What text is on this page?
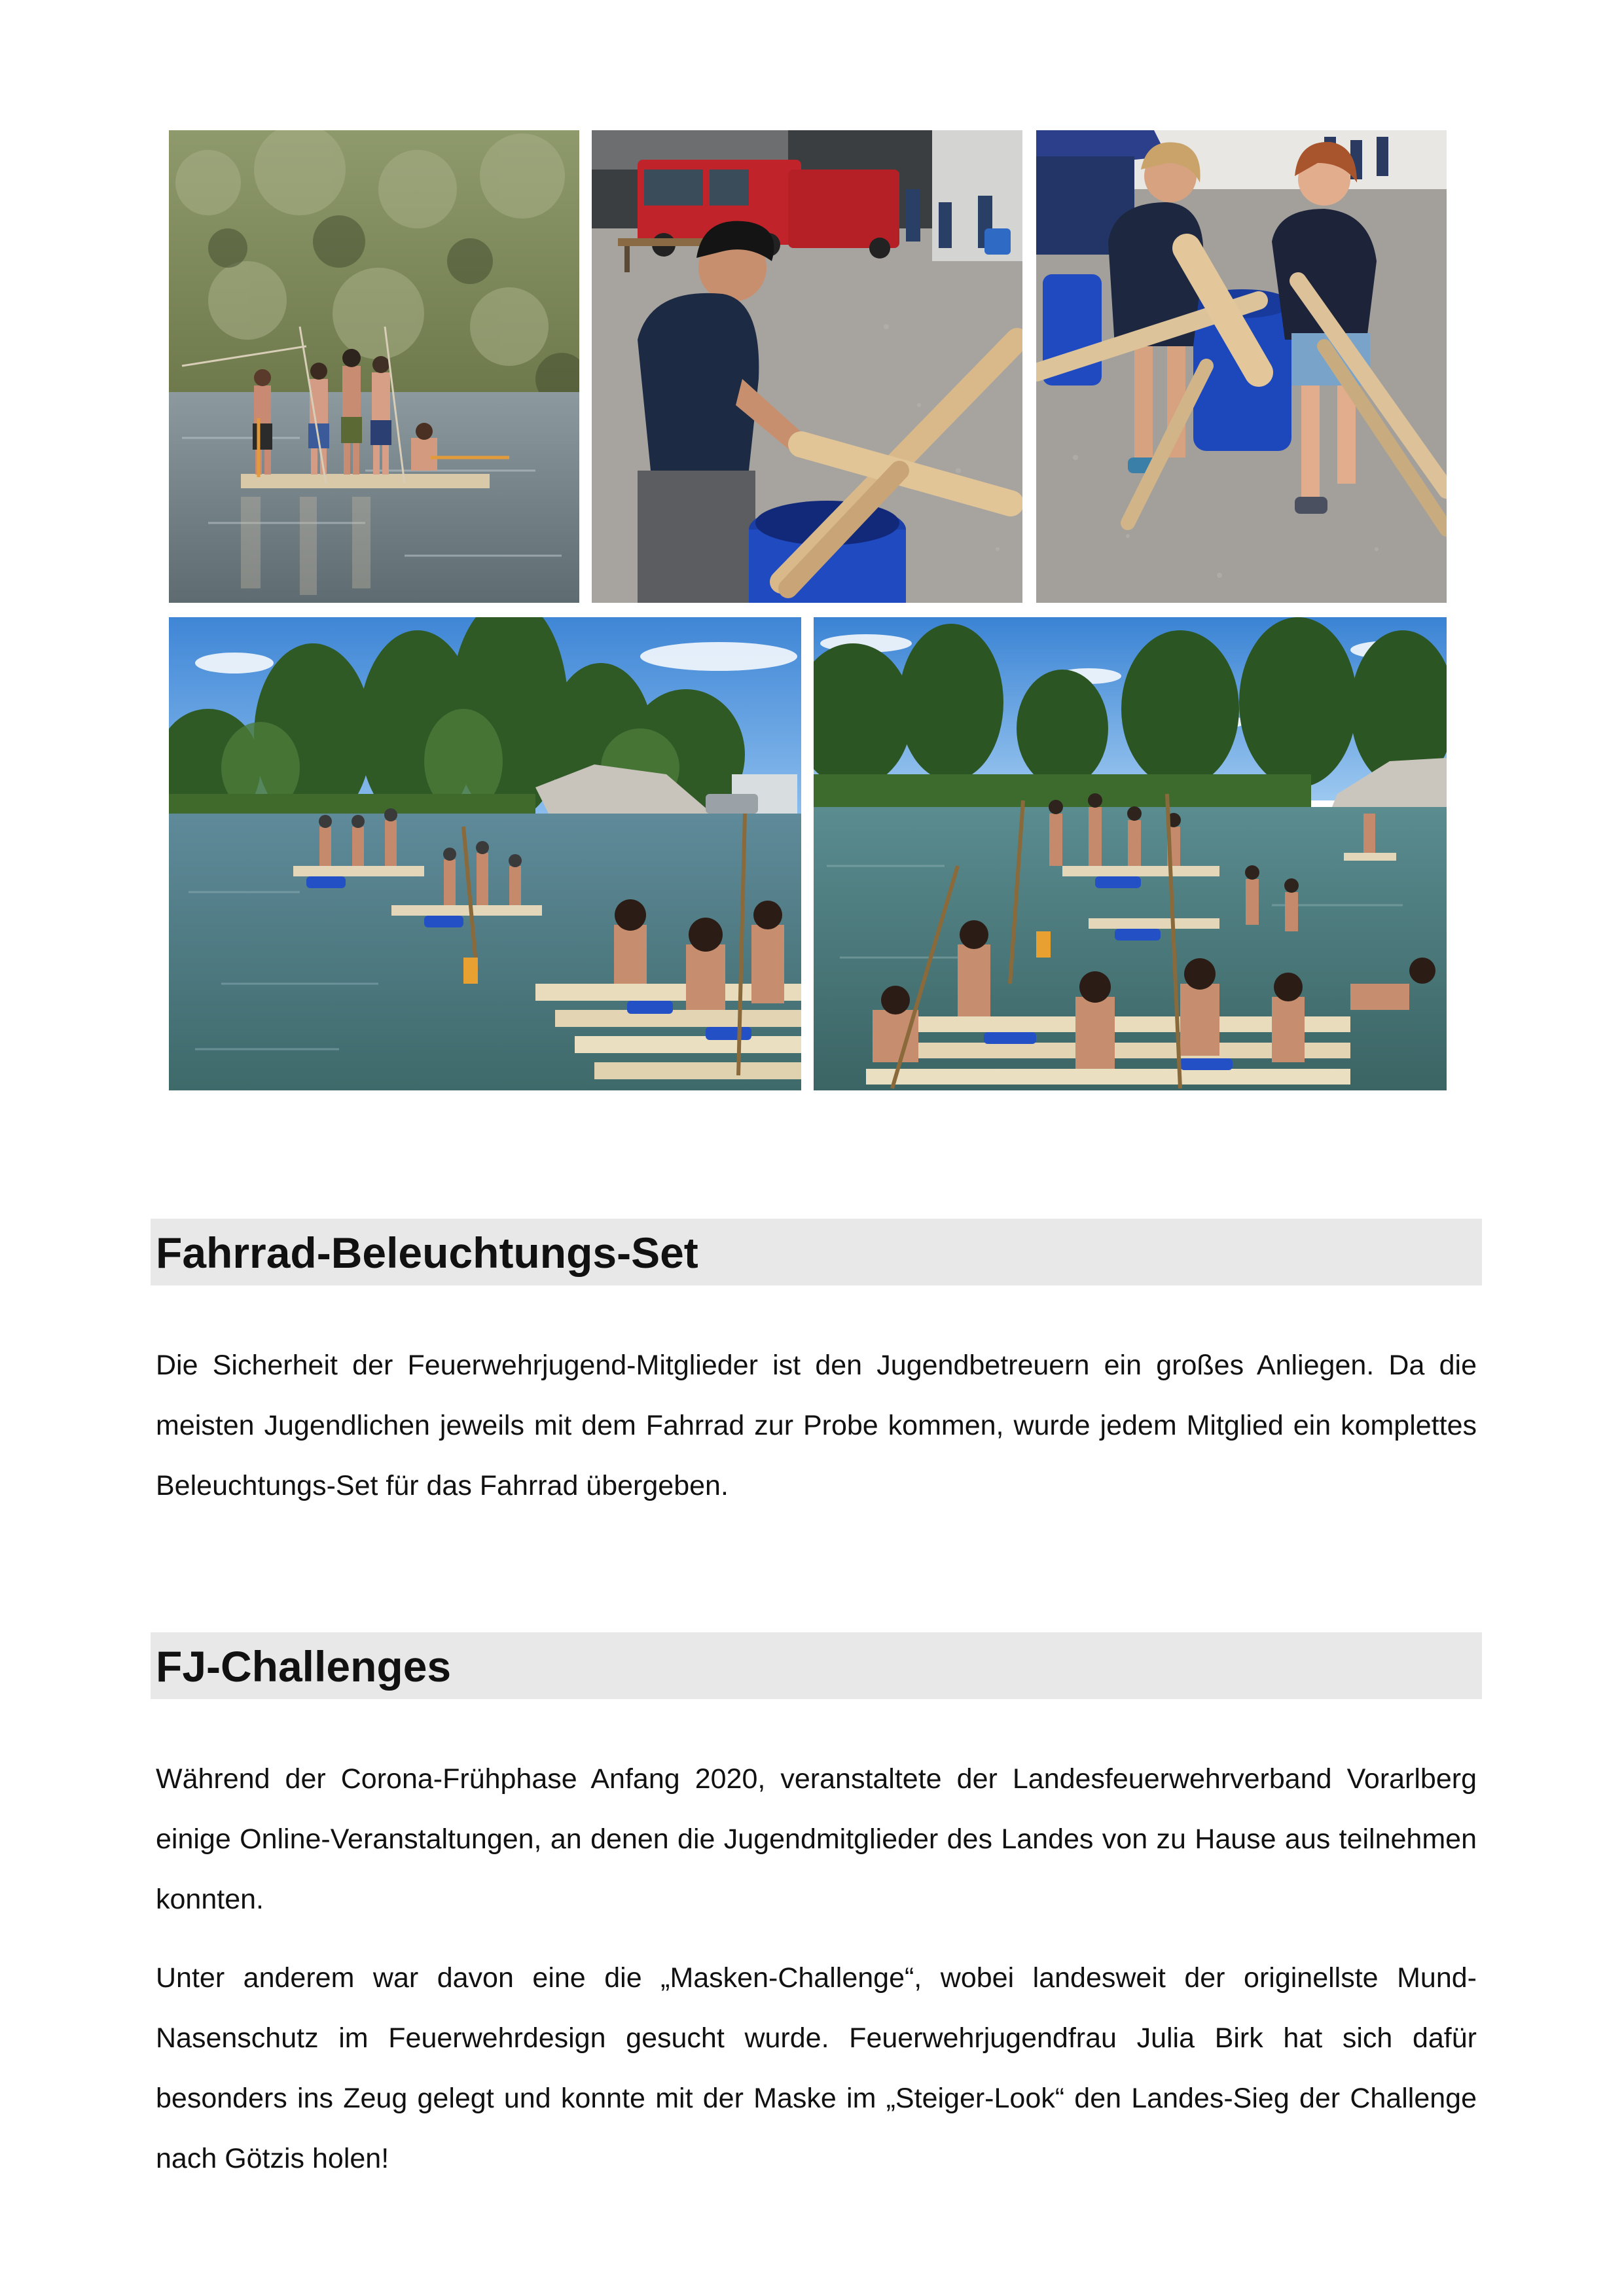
Fahrrad-Beleuchtungs-Set

Die Sicherheit der Feuerwehrjugend-Mitglieder ist den Jugendbetreuern ein großes Anliegen. Da die meisten Jugendlichen jeweils mit dem Fahrrad zur Probe kommen, wurde jedem Mitglied ein komplettes Beleuchtungs-Set für das Fahrrad übergeben.

FJ-Challenges

Während der Corona-Frühphase Anfang 2020, veranstaltete der Landesfeuerwehrverband Vorarlberg einige Online-Veranstaltungen, an denen die Jugendmitglieder des Landes von zu Hause aus teilnehmen konnten.

Unter anderem war davon eine die „Masken-Challenge“, wobei landesweit der originellste Mund-Nasenschutz im Feuerwehrdesign gesucht wurde. Feuerwehrjugendfrau Julia Birk hat sich dafür besonders ins Zeug gelegt und konnte mit der Maske im „Steiger-Look“ den Landes-Sieg der Challenge nach Götzis holen!
